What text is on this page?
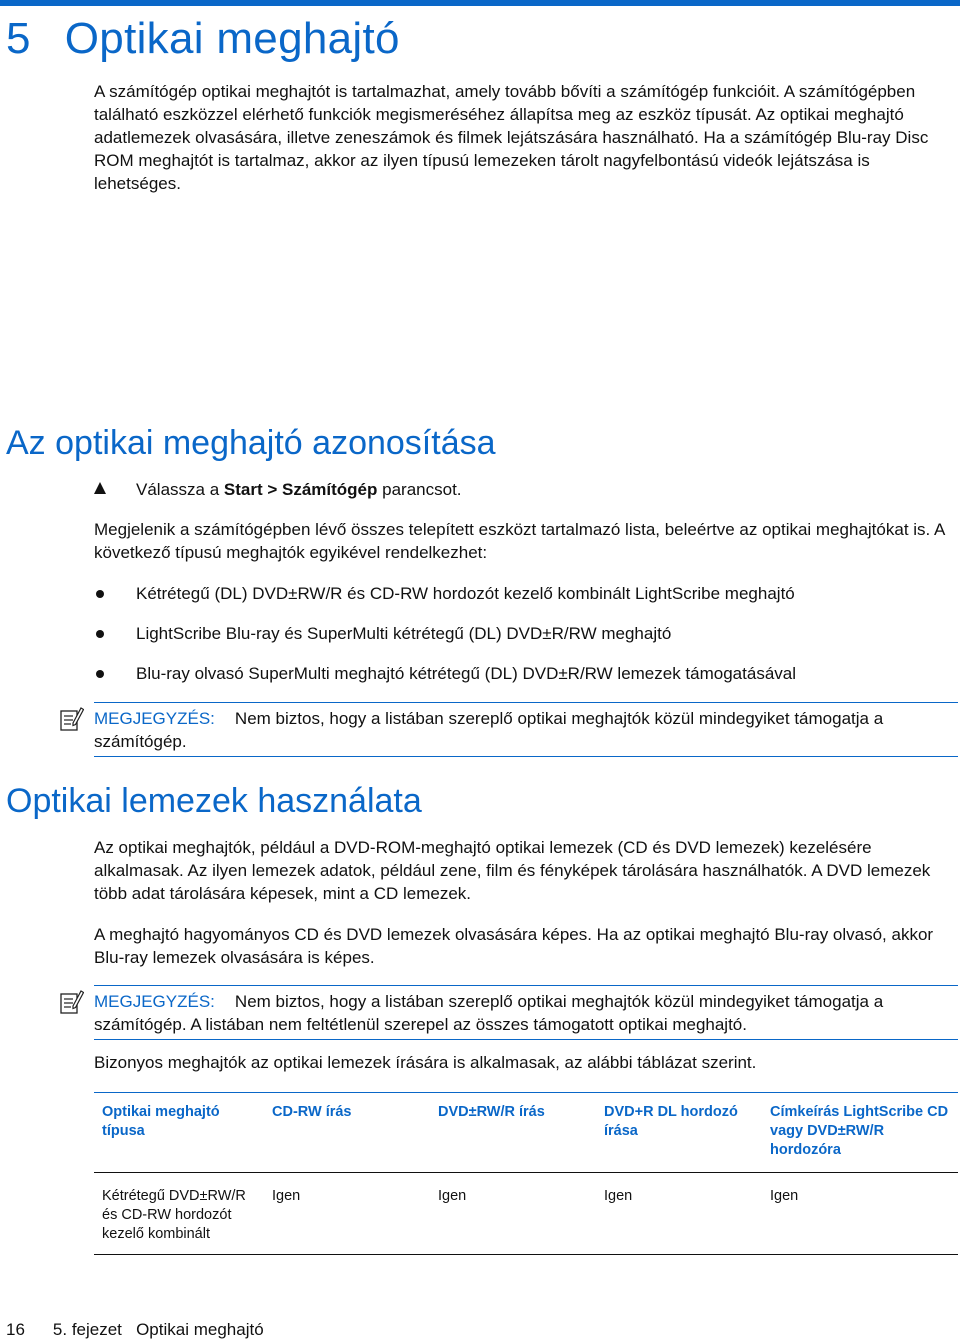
5 Optikai meghajtó

A számítógép optikai meghajtót is tartalmazhat, amely tovább bővíti a számítógép funkcióit. A számítógépben található eszközzel elérhető funkciók megismeréséhez állapítsa meg az eszköz típusát. Az optikai meghajtó adatlemezek olvasására, illetve zeneszámok és filmek lejátszására használható. Ha a számítógép Blu-ray Disc ROM meghajtót is tartalmaz, akkor az ilyen típusú lemezeken tárolt nagyfelbontású videók lejátszása is lehetséges.

Az optikai meghajtó azonosítása
Válassza a Start > Számítógép parancsot.

Megjelenik a számítógépben lévő összes telepített eszközt tartalmazó lista, beleértve az optikai meghajtókat is. A következő típusú meghajtók egyikével rendelkezhet:

Kétrétegű (DL) DVD±RW/R és CD-RW hordozót kezelő kombinált LightScribe meghajtó
LightScribe Blu-ray és SuperMulti kétrétegű (DL) DVD±R/RW meghajtó
Blu-ray olvasó SuperMulti meghajtó kétrétegű (DL) DVD±R/RW lemezek támogatásával
MEGJEGYZÉS: Nem biztos, hogy a listában szereplő optikai meghajtók közül mindegyiket támogatja a számítógép.
Optikai lemezek használata

Az optikai meghajtók, például a DVD-ROM-meghajtó optikai lemezek (CD és DVD lemezek) kezelésére alkalmasak. Az ilyen lemezek adatok, például zene, film és fényképek tárolására használhatók. A DVD lemezek több adat tárolására képesek, mint a CD lemezek.

A meghajtó hagyományos CD és DVD lemezek olvasására képes. Ha az optikai meghajtó Blu-ray olvasó, akkor Blu-ray lemezek olvasására is képes.

MEGJEGYZÉS: Nem biztos, hogy a listában szereplő optikai meghajtók közül mindegyiket támogatja a számítógép. A listában nem feltétlenül szerepel az összes támogatott optikai meghajtó.

Bizonyos meghajtók az optikai lemezek írására is alkalmasak, az alábbi táblázat szerint.

Optikai meghajtó típusa	CD-RW írás	DVD±RW/R írás	DVD+R DL hordozó írása	Címkeírás LightScribe CD vagy DVD±RW/R hordozóra
Kétrétegű DVD±RW/R és CD-RW hordozót kezelő kombinált	Igen	Igen	Igen	Igen
16 5. fejezet   Optikai meghajtó
